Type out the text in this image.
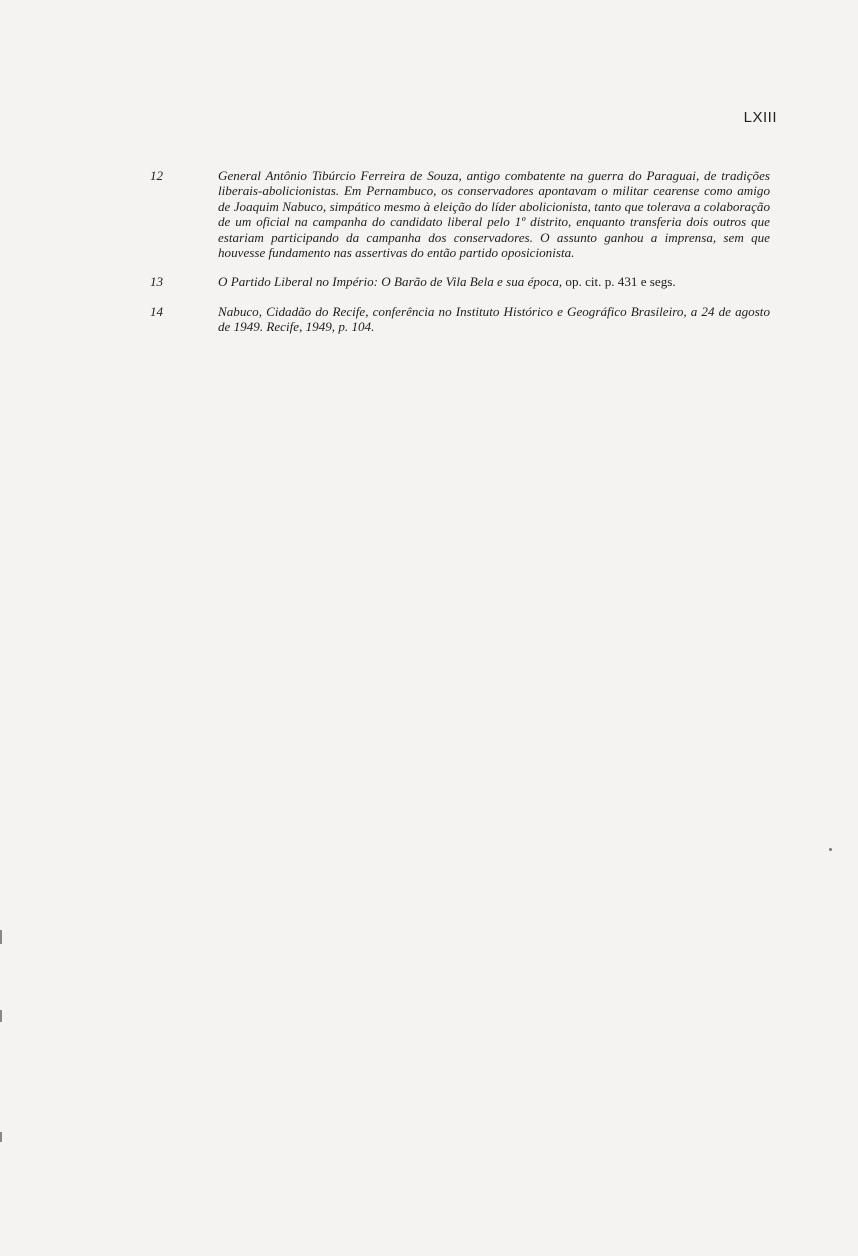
LXIII
12	General Antônio Tibúrcio Ferreira de Souza, antigo combatente na guerra do Paraguai, de tradições liberais-abolicionistas. Em Pernambuco, os conservadores apontavam o militar cearense como amigo de Joaquim Nabuco, simpático mesmo à eleição do líder abolicionista, tanto que tolerava a colaboração de um oficial na campanha do candidato liberal pelo 1º distrito, enquanto transferia dois outros que estariam participando da campanha dos conservadores. O assunto ganhou a imprensa, sem que houvesse fundamento nas assertivas do então partido oposicionista.
13	O Partido Liberal no Império: O Barão de Vila Bela e sua época, op. cit. p. 431 e segs.
14	Nabuco, Cidadão do Recife, conferência no Instituto Histórico e Geográfico Brasileiro, a 24 de agosto de 1949. Recife, 1949, p. 104.
